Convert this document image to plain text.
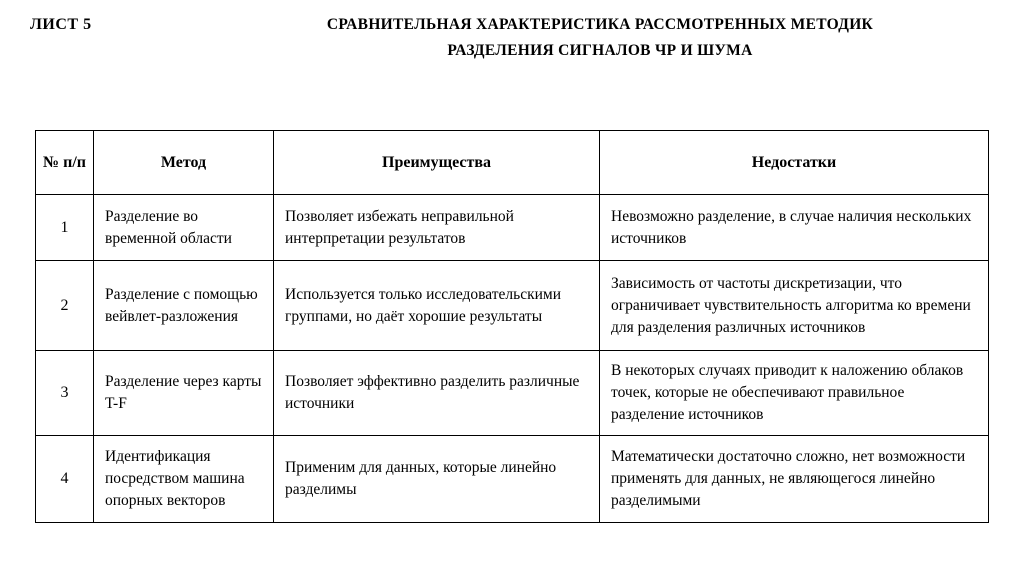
ЛИСТ 5	СРАВНИТЕЛЬНАЯ ХАРАКТЕРИСТИКА РАССМОТРЕННЫХ МЕТОДИК
РАЗДЕЛЕНИЯ СИГНАЛОВ ЧР И ШУМА
№ п/п	Метод	Преимущества	Недостатки
1	Разделение во временной области	Позволяет избежать неправильной интерпретации результатов	Невозможно разделение, в случае наличия нескольких источников
2	Разделение с помощью вейвлет-разложения	Используется только исследовательскими группами, но даёт хорошие результаты	Зависимость от частоты дискретизации, что ограничивает чувствительность алгоритма ко времени для разделения различных источников
3	Разделение через карты T-F	Позволяет эффективно разделить различные источники	В некоторых случаях приводит к наложению облаков точек, которые не обеспечивают правильное разделение источников
4	Идентификация посредством машина опорных векторов	Применим для данных, которые линейно разделимы	Математически достаточно сложно, нет возможности применять для данных, не являющегося линейно разделимыми
